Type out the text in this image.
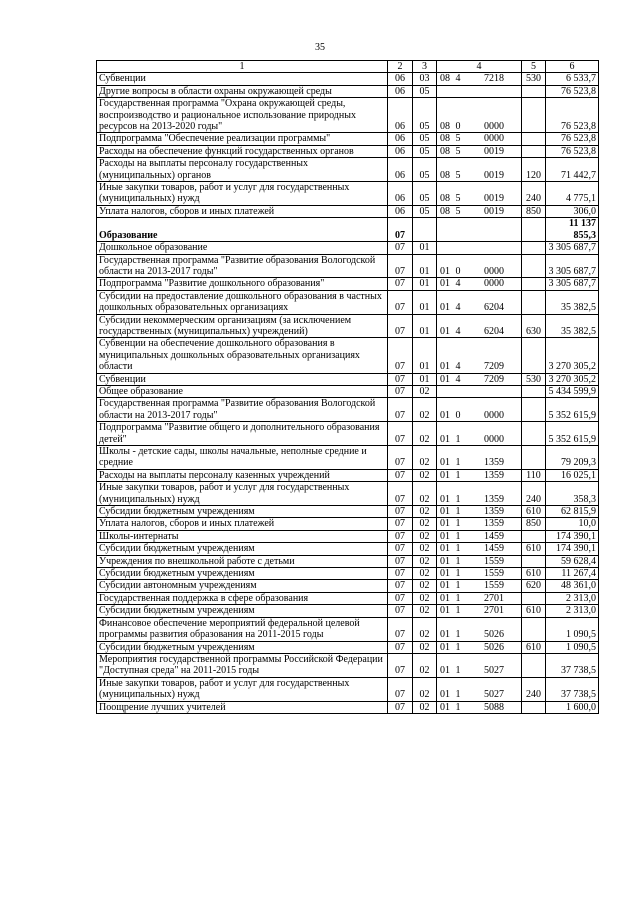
35
1	2	3	4	5	6
Субвенции	06	03	08 4 7218	530	6 533,7
Другие вопросы в области охраны окружающей среды	06	05			76 523,8
Государственная программа "Охрана окружающей среды, воспроизводство и рациональное использование природных ресурсов на 2013-2020 годы"	06	05	08 0 0000		76 523,8
Подпрограмма "Обеспечение реализации программы"	06	05	08 5 0000		76 523,8
Расходы на обеспечение функций государственных органов	06	05	08 5 0019		76 523,8
Расходы на выплаты персоналу государственных (муниципальных) органов	06	05	08 5 0019	120	71 442,7
Иные закупки товаров, работ и услуг для государственных (муниципальных) нужд	06	05	08 5 0019	240	4 775,1
Уплата налогов, сборов и иных платежей	06	05	08 5 0019	850	306,0
Образование	07				11 137 855,3
Дошкольное образование	07	01			3 305 687,7
Государственная программа "Развитие образования Вологодской области на 2013-2017 годы"	07	01	01 0 0000		3 305 687,7
Подпрограмма "Развитие дошкольного образования"	07	01	01 4 0000		3 305 687,7
Субсидии на предоставление дошкольного образования в частных дошкольных образовательных организациях	07	01	01 4 6204		35 382,5
Субсидии некоммерческим организациям (за исключением государственных (муниципальных) учреждений)	07	01	01 4 6204	630	35 382,5
Субвенции на обеспечение дошкольного образования в муниципальных дошкольных образовательных организациях области	07	01	01 4 7209		3 270 305,2
Субвенции	07	01	01 4 7209	530	3 270 305,2
Общее образование	07	02			5 434 599,9
Государственная программа "Развитие образования Вологодской области на 2013-2017 годы"	07	02	01 0 0000		5 352 615,9
Подпрограмма "Развитие общего и дополнительного образования детей"	07	02	01 1 0000		5 352 615,9
Школы - детские сады, школы начальные, неполные средние и средние	07	02	01 1 1359		79 209,3
Расходы на выплаты персоналу казенных учреждений	07	02	01 1 1359	110	16 025,1
Иные закупки товаров, работ и услуг для государственных (муниципальных) нужд	07	02	01 1 1359	240	358,3
Субсидии бюджетным учреждениям	07	02	01 1 1359	610	62 815,9
Уплата налогов, сборов и иных платежей	07	02	01 1 1359	850	10,0
Школы-интернаты	07	02	01 1 1459		174 390,1
Субсидии бюджетным учреждениям	07	02	01 1 1459	610	174 390,1
Учреждения по внешкольной работе с детьми	07	02	01 1 1559		59 628,4
Субсидии бюджетным учреждениям	07	02	01 1 1559	610	11 267,4
Субсидии автономным учреждениям	07	02	01 1 1559	620	48 361,0
Государственная поддержка в сфере образования	07	02	01 1 2701		2 313,0
Субсидии бюджетным учреждениям	07	02	01 1 2701	610	2 313,0
Финансовое обеспечение мероприятий федеральной целевой программы развития образования на 2011-2015 годы	07	02	01 1 5026		1 090,5
Субсидии бюджетным учреждениям	07	02	01 1 5026	610	1 090,5
Мероприятия государственной программы Российской Федерации "Доступная среда" на 2011-2015 годы	07	02	01 1 5027		37 738,5
Иные закупки товаров, работ и услуг для государственных (муниципальных) нужд	07	02	01 1 5027	240	37 738,5
Поощрение лучших учителей	07	02	01 1 5088		1 600,0
